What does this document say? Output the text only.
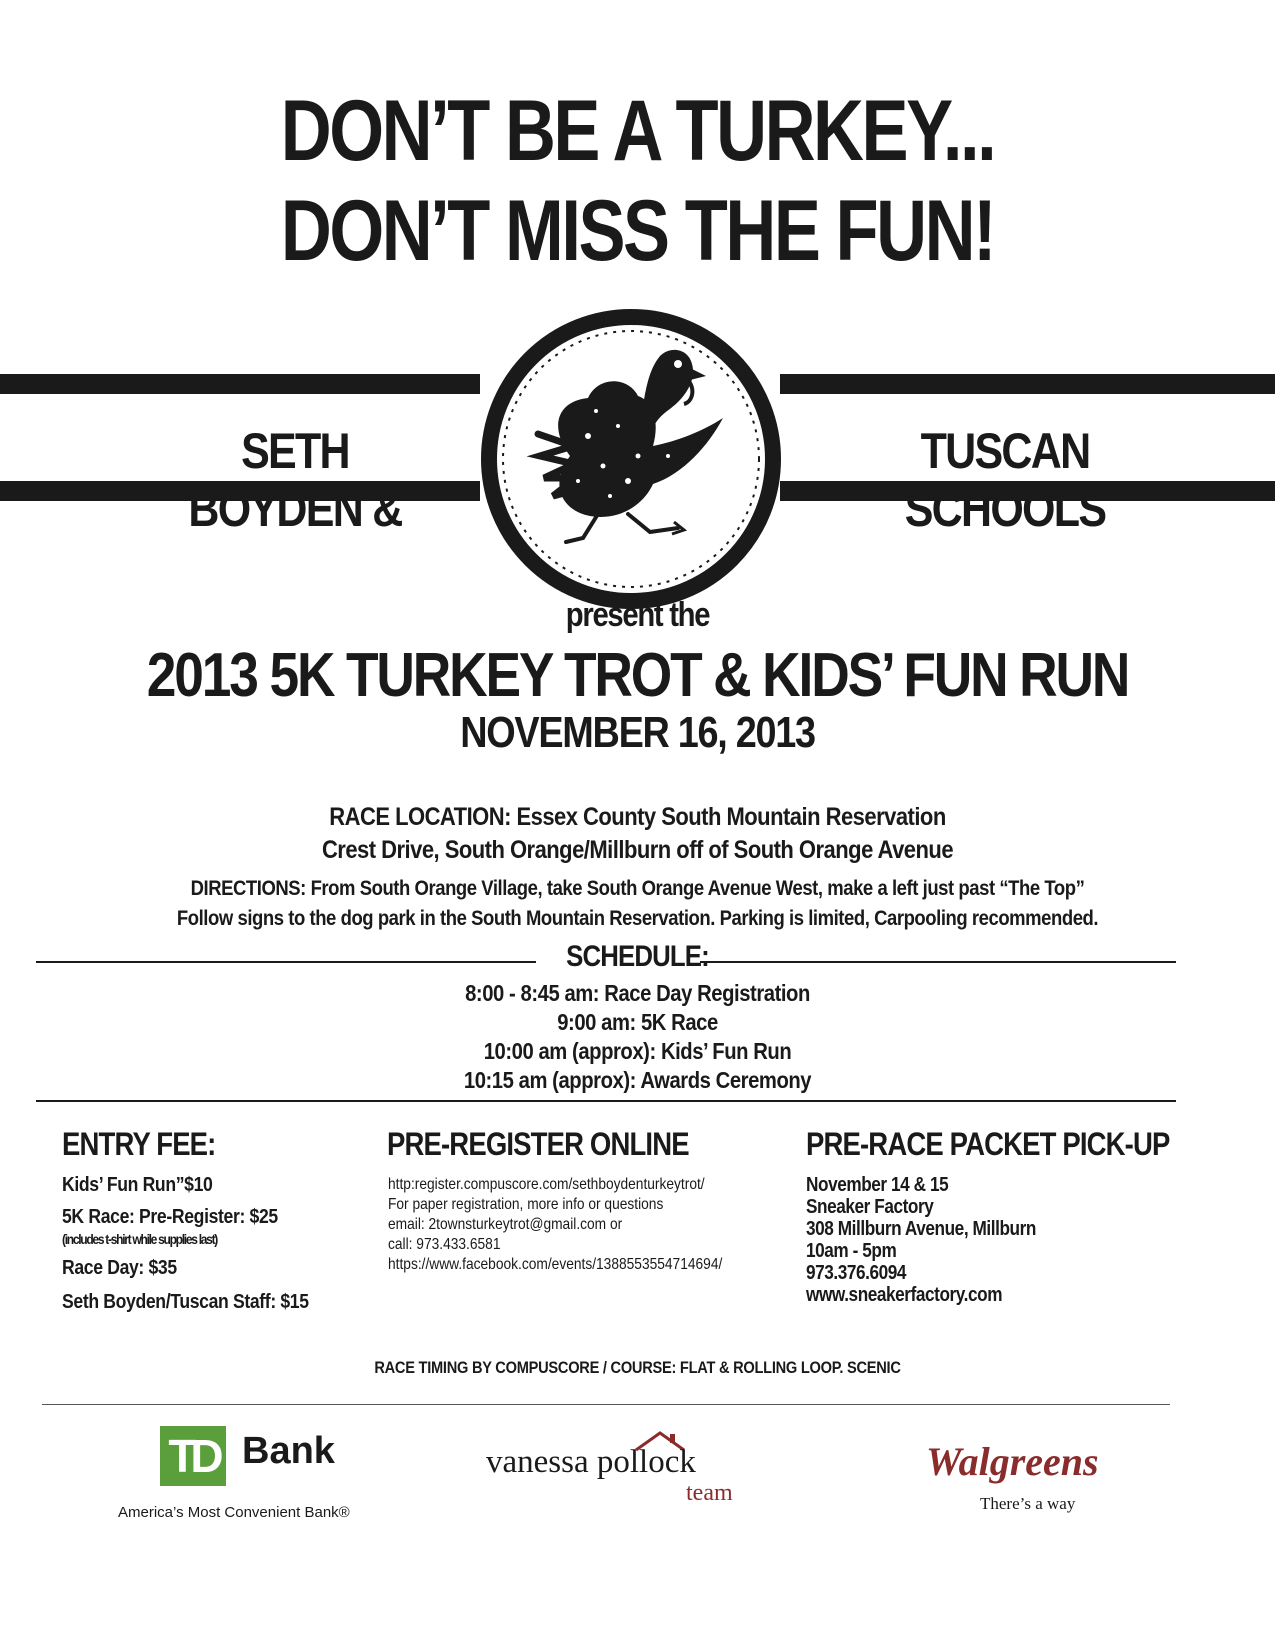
DON’T BE A TURKEY...
DON’T MISS THE FUN!
SETH BOYDEN &
TUSCAN SCHOOLS
present the
2013 5K TURKEY TROT & KIDS’ FUN RUN
NOVEMBER 16, 2013
RACE LOCATION: Essex County South Mountain Reservation
Crest Drive, South Orange/Millburn off of South Orange Avenue
DIRECTIONS: From South Orange Village, take South Orange Avenue West, make a left just past “The Top”
Follow signs to the dog park in the South Mountain Reservation. Parking is limited, Carpooling recommended.
SCHEDULE:
8:00 - 8:45 am: Race Day Registration
9:00 am: 5K Race
10:00 am (approx): Kids’ Fun Run
10:15 am (approx): Awards Ceremony
ENTRY FEE:
Kids’ Fun Run”$10
5K Race: Pre-Register: $25
(includes t-shirt while supplies last)
Race Day: $35
Seth Boyden/Tuscan Staff: $15
PRE-REGISTER ONLINE
http:register.compuscore.com/sethboydenturkeytrot/
For paper registration, more info or questions
email: 2townsturkeytrot@gmail.com or
call: 973.433.6581
https://www.facebook.com/events/1388553554714694/
PRE-RACE PACKET PICK-UP
November 14 & 15
Sneaker Factory
308 Millburn Avenue, Millburn
10am - 5pm
973.376.6094
www.sneakerfactory.com
RACE TIMING BY COMPUSCORE / COURSE: FLAT & ROLLING LOOP. SCENIC
TD Bank
America’s Most Convenient Bank®
vanessa pollock
team
Walgreens
There’s a way
